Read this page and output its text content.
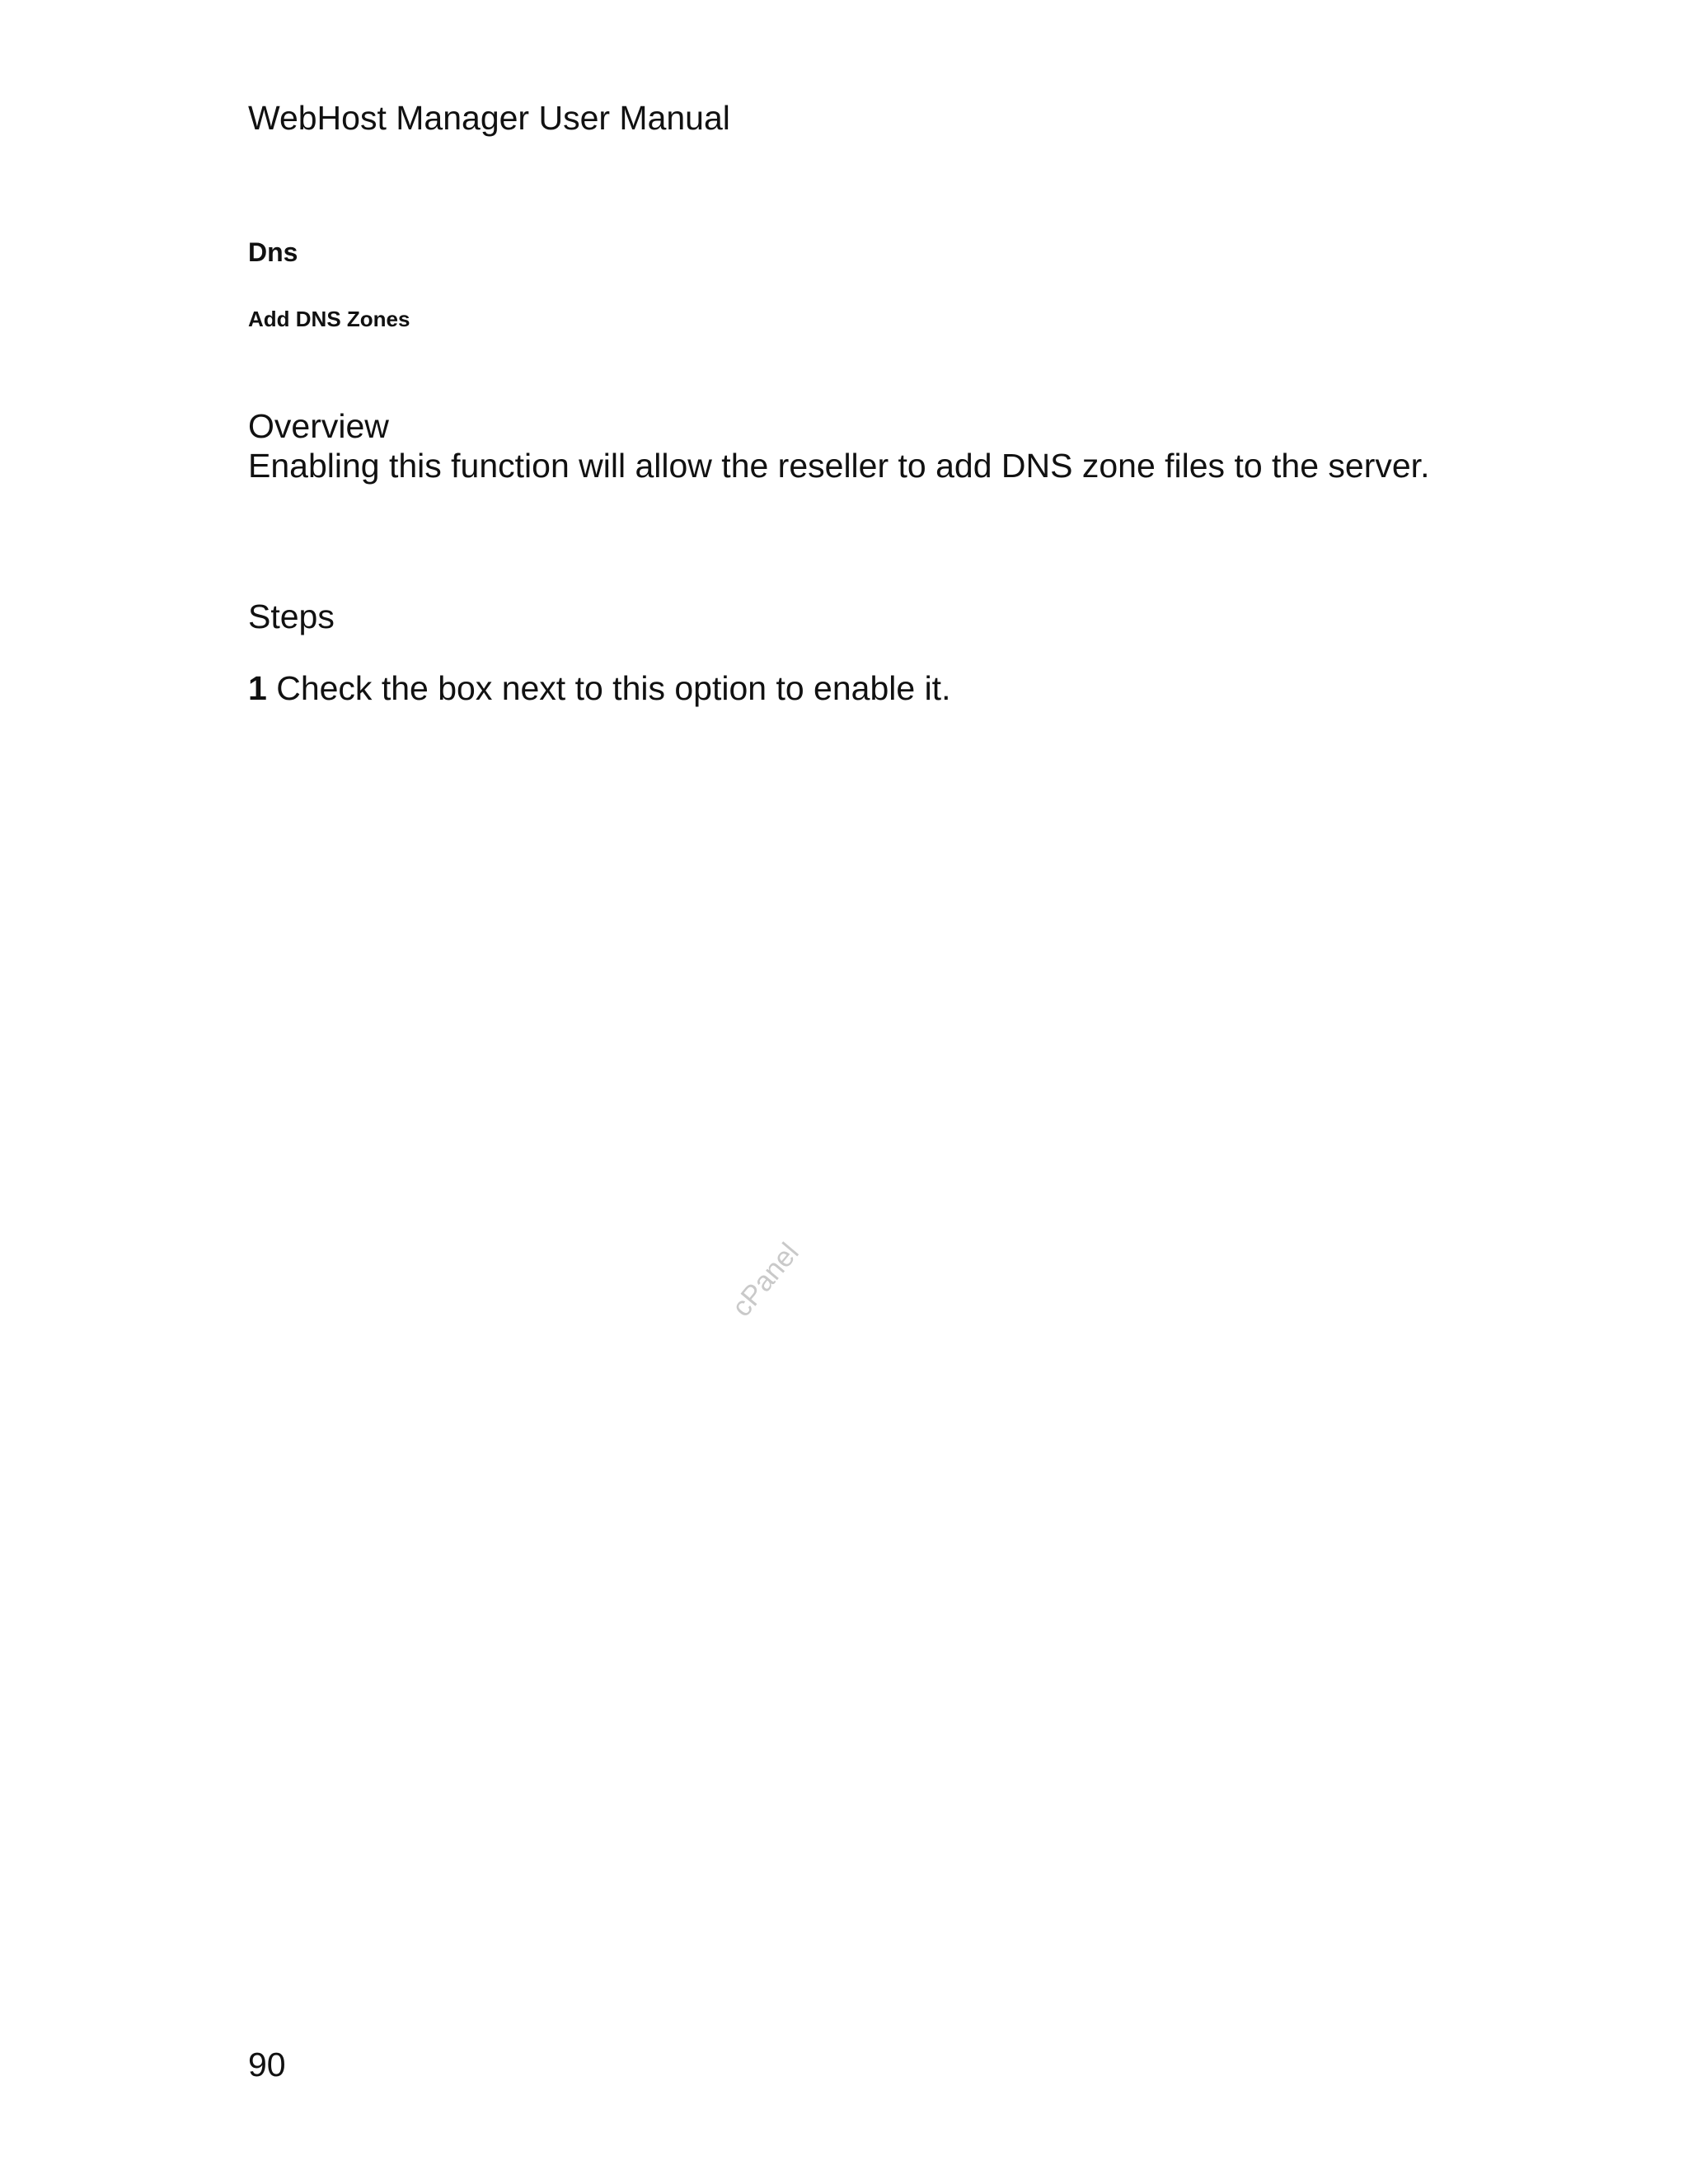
WebHost Manager User Manual
Dns
Add DNS Zones
Overview

Enabling this function will allow the reseller to add DNS zone files to the server.

Steps

1 Check the box next to this option to enable it.

cPanel
90
